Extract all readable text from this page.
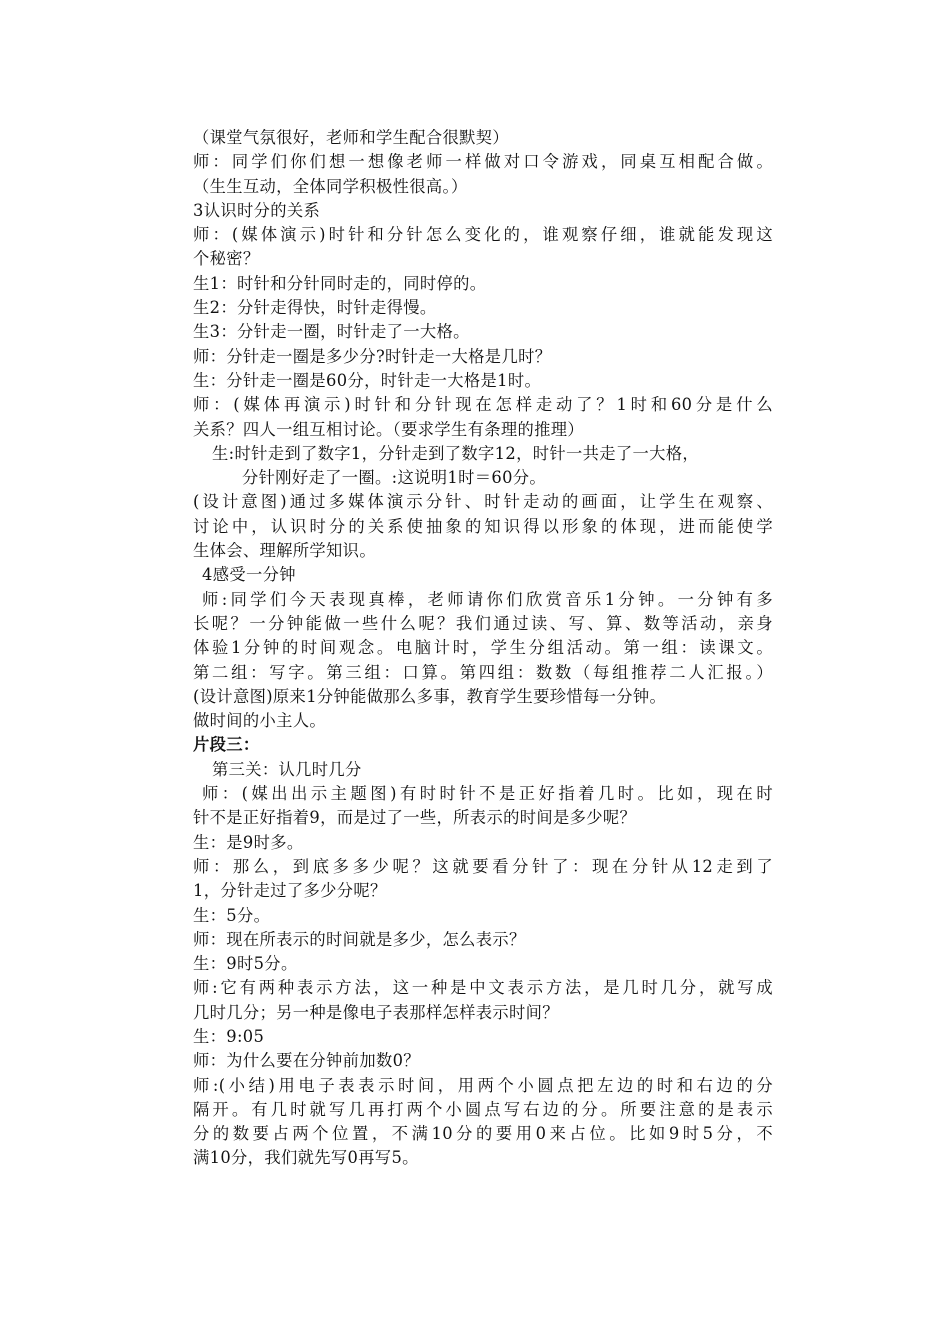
（课堂气氛很好，老师和学生配合很默契）
师：同学们你们想一想像老师一样做对口令游戏，同桌互相配合做。
（生生互动，全体同学积极性很高。）
3认识时分的关系
师：(媒体演示)时针和分针怎么变化的，谁观察仔细，谁就能发现这
个秘密？
生1：时针和分针同时走的，同时停的。
生2：分针走得快，时针走得慢。
生3：分针走一圈，时针走了一大格。
师：分针走一圈是多少分?时针走一大格是几时？
生：分针走一圈是60分，时针走一大格是1时。
师：(媒体再演示)时针和分针现在怎样走动了？1时和60分是什么
关系？四人一组互相讨论。（要求学生有条理的推理）
生:时针走到了数字1，分针走到了数字12，时针一共走了一大格，
分针刚好走了一圈。:这说明1时＝60分。
(设计意图)通过多媒体演示分针、时针走动的画面，让学生在观察、
讨论中，认识时分的关系使抽象的知识得以形象的体现，进而能使学
生体会、理解所学知识。
4感受一分钟
师:同学们今天表现真棒，老师请你们欣赏音乐1分钟。一分钟有多
长呢？一分钟能做一些什么呢？我们通过读、写、算、数等活动，亲身
体验1分钟的时间观念。电脑计时，学生分组活动。第一组：读课文。
第二组：写字。第三组：口算。第四组：数数（每组推荐二人汇报。）
(设计意图)原来1分钟能做那么多事，教育学生要珍惜每一分钟。
做时间的小主人。
片段三：
第三关：认几时几分
师：(媒出出示主题图)有时时针不是正好指着几时。比如，现在时
针不是正好指着9，而是过了一些，所表示的时间是多少呢？
生：是9时多。
师：那么，到底多多少呢？这就要看分针了：现在分针从12走到了
1，分针走过了多少分呢？
生：5分。
师：现在所表示的时间就是多少，怎么表示？
生：9时5分。
师:它有两种表示方法，这一种是中文表示方法，是几时几分，就写成
几时几分；另一种是像电子表那样怎样表示时间？
生：9:05
师：为什么要在分钟前加数0？
师:(小结)用电子表表示时间，用两个小圆点把左边的时和右边的分
隔开。有几时就写几再打两个小圆点写右边的分。所要注意的是表示
分的数要占两个位置，不满10分的要用0来占位。比如9时5分，不
满10分，我们就先写0再写5。
